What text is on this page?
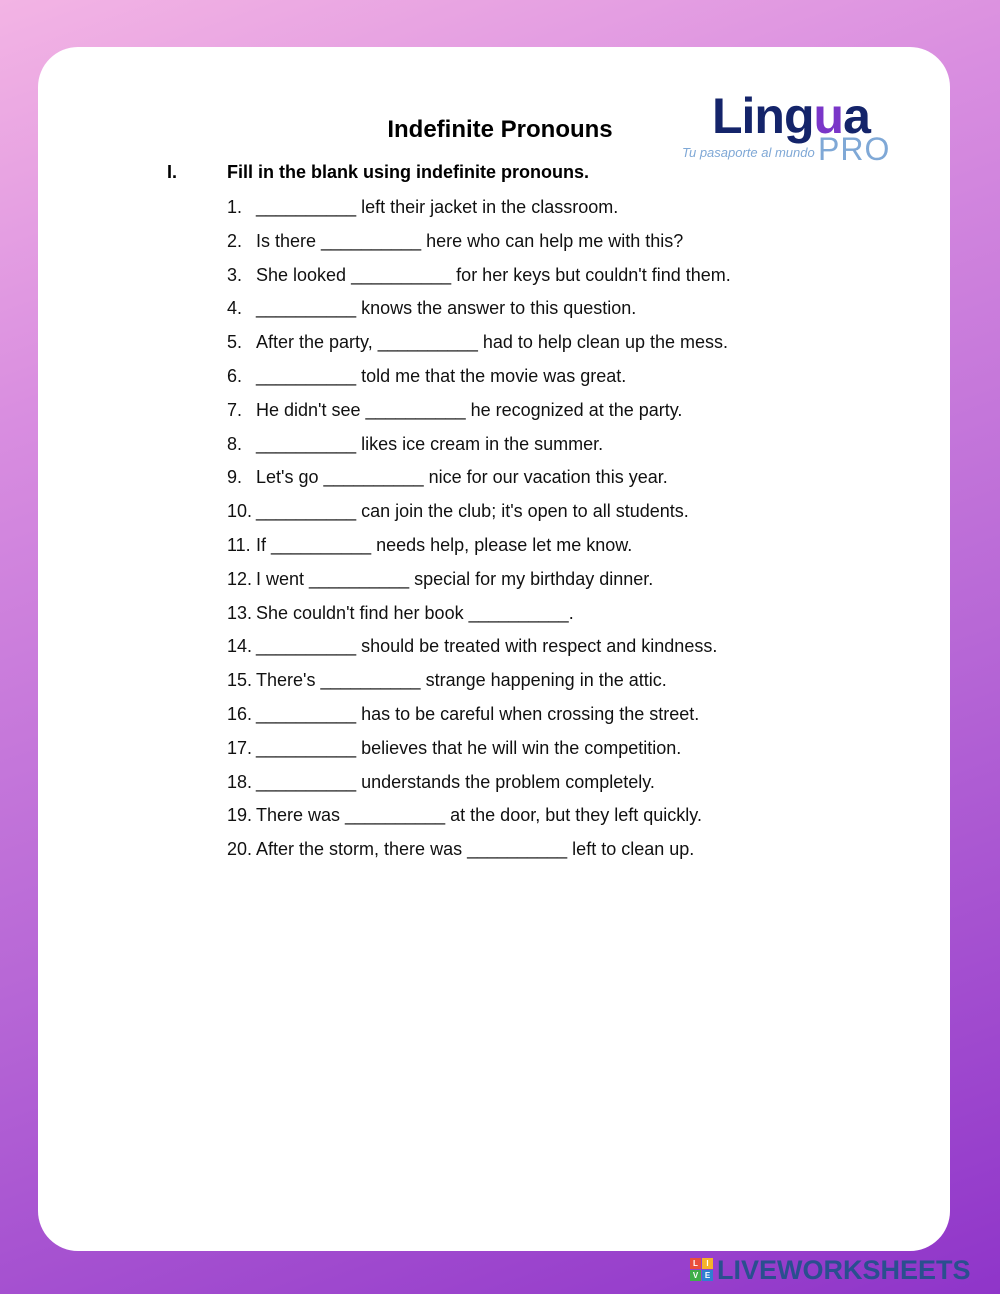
Indefinite Pronouns	Lingua
Tu pasaporte al mundo PRO
I.	Fill in the blank using indefinite pronouns.
1. __________ left their jacket in the classroom.
2. Is there __________ here who can help me with this?
3. She looked __________ for her keys but couldn't find them.
4. __________ knows the answer to this question.
5. After the party, __________ had to help clean up the mess.
6. __________ told me that the movie was great.
7. He didn't see __________ he recognized at the party.
8. __________ likes ice cream in the summer.
9. Let's go __________ nice for our vacation this year.
10. __________ can join the club; it's open to all students.
11. If __________ needs help, please let me know.
12. I went __________ special for my birthday dinner.
13. She couldn't find her book __________.
14. __________ should be treated with respect and kindness.
15. There's __________ strange happening in the attic.
16. __________ has to be careful when crossing the street.
17. __________ believes that he will win the competition.
18. __________ understands the problem completely.
19. There was __________ at the door, but they left quickly.
20. After the storm, there was __________ left to clean up.
L	I
V E LIVEWORKSHEETS
